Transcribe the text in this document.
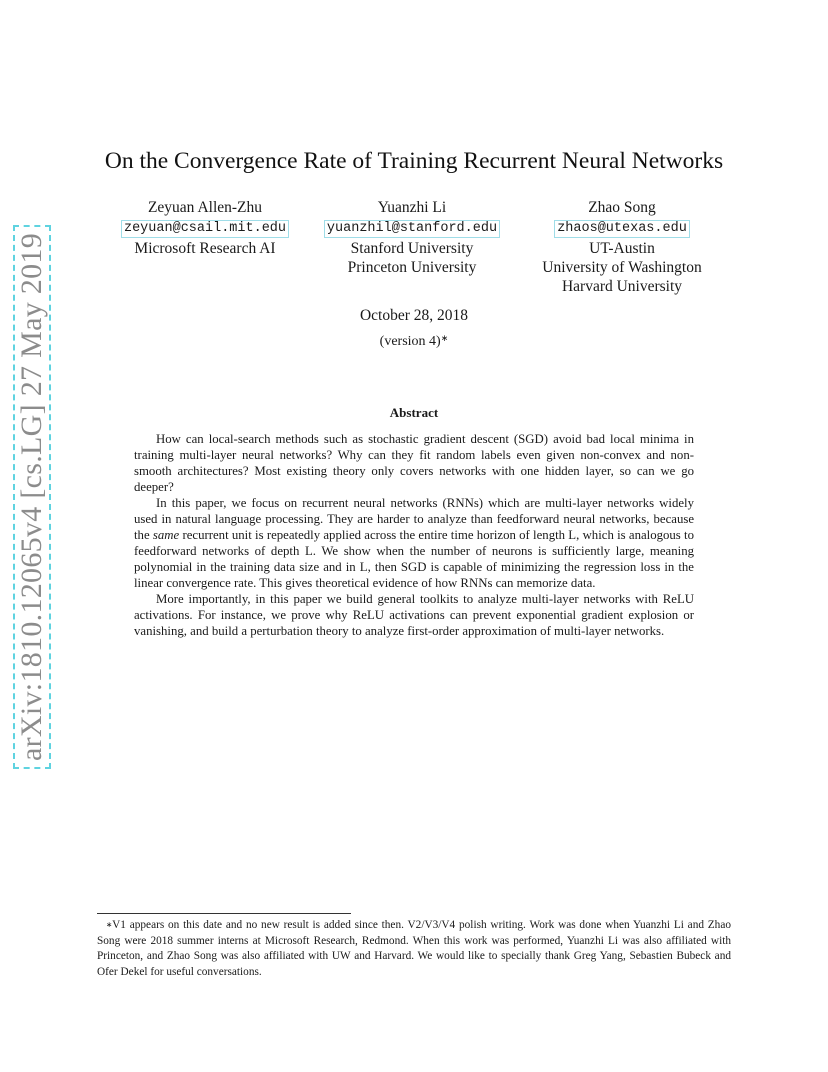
arXiv:1810.12065v4 [cs.LG] 27 May 2019
On the Convergence Rate of Training Recurrent Neural Networks
Zeyuan Allen-Zhu
zeyuan@csail.mit.edu
Microsoft Research AI
Yuanzhi Li
yuanzhil@stanford.edu
Stanford University
Princeton University
Zhao Song
zhaos@utexas.edu
UT-Austin
University of Washington
Harvard University
October 28, 2018
(version 4)∗
Abstract

How can local-search methods such as stochastic gradient descent (SGD) avoid bad local minima in training multi-layer neural networks? Why can they fit random labels even given non-convex and non-smooth architectures? Most existing theory only covers networks with one hidden layer, so can we go deeper?

In this paper, we focus on recurrent neural networks (RNNs) which are multi-layer networks widely used in natural language processing. They are harder to analyze than feedforward neural networks, because the same recurrent unit is repeatedly applied across the entire time horizon of length L, which is analogous to feedforward networks of depth L. We show when the number of neurons is sufficiently large, meaning polynomial in the training data size and in L, then SGD is capable of minimizing the regression loss in the linear convergence rate. This gives theoretical evidence of how RNNs can memorize data.

More importantly, in this paper we build general toolkits to analyze multi-layer networks with ReLU activations. For instance, we prove why ReLU activations can prevent exponential gradient explosion or vanishing, and build a perturbation theory to analyze first-order approximation of multi-layer networks.

∗V1 appears on this date and no new result is added since then. V2/V3/V4 polish writing. Work was done when Yuanzhi Li and Zhao Song were 2018 summer interns at Microsoft Research, Redmond. When this work was performed, Yuanzhi Li was also affiliated with Princeton, and Zhao Song was also affiliated with UW and Harvard. We would like to specially thank Greg Yang, Sebastien Bubeck and Ofer Dekel for useful conversations.
